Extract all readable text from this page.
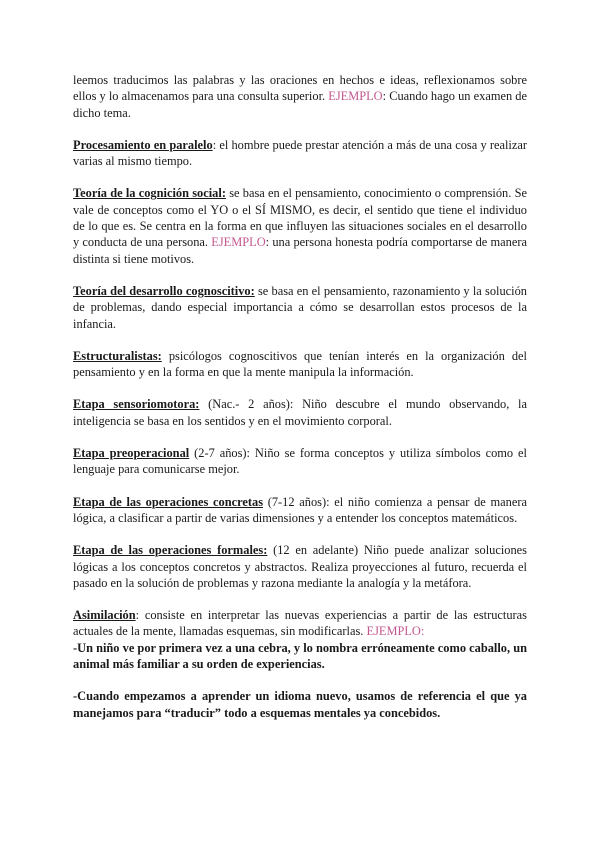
leemos traducimos las palabras y las oraciones en hechos e ideas, reflexionamos sobre ellos y lo almacenamos para una consulta superior. EJEMPLO: Cuando hago un examen de dicho tema.

Procesamiento en paralelo: el hombre puede prestar atención a más de una cosa y realizar varias al mismo tiempo.

Teoría de la cognición social: se basa en el pensamiento, conocimiento o comprensión. Se vale de conceptos como el YO o el SÍ MISMO, es decir, el sentido que tiene el individuo de lo que es. Se centra en la forma en que influyen las situaciones sociales en el desarrollo y conducta de una persona. EJEMPLO: una persona honesta podría comportarse de manera distinta si tiene motivos.

Teoría del desarrollo cognoscitivo: se basa en el pensamiento, razonamiento y la solución de problemas, dando especial importancia a cómo se desarrollan estos procesos de la infancia.

Estructuralistas: psicólogos cognoscitivos que tenían interés en la organización del pensamiento y en la forma en que la mente manipula la información.

Etapa sensoriomotora: (Nac.- 2 años): Niño descubre el mundo observando, la inteligencia se basa en los sentidos y en el movimiento corporal.

Etapa preoperacional (2-7 años): Niño se forma conceptos y utiliza símbolos como el lenguaje para comunicarse mejor.

Etapa de las operaciones concretas (7-12 años): el niño comienza a pensar de manera lógica, a clasificar a partir de varias dimensiones y a entender los conceptos matemáticos.

Etapa de las operaciones formales: (12 en adelante) Niño puede analizar soluciones lógicas a los conceptos concretos y abstractos. Realiza proyecciones al futuro, recuerda el pasado en la solución de problemas y razona mediante la analogía y la metáfora.

Asimilación: consiste en interpretar las nuevas experiencias a partir de las estructuras actuales de la mente, llamadas esquemas, sin modificarlas. EJEMPLO:

-Un niño ve por primera vez a una cebra, y lo nombra erróneamente como caballo, un animal más familiar a su orden de experiencias.

-Cuando empezamos a aprender un idioma nuevo, usamos de referencia el que ya manejamos para “traducir” todo a esquemas mentales ya concebidos.
